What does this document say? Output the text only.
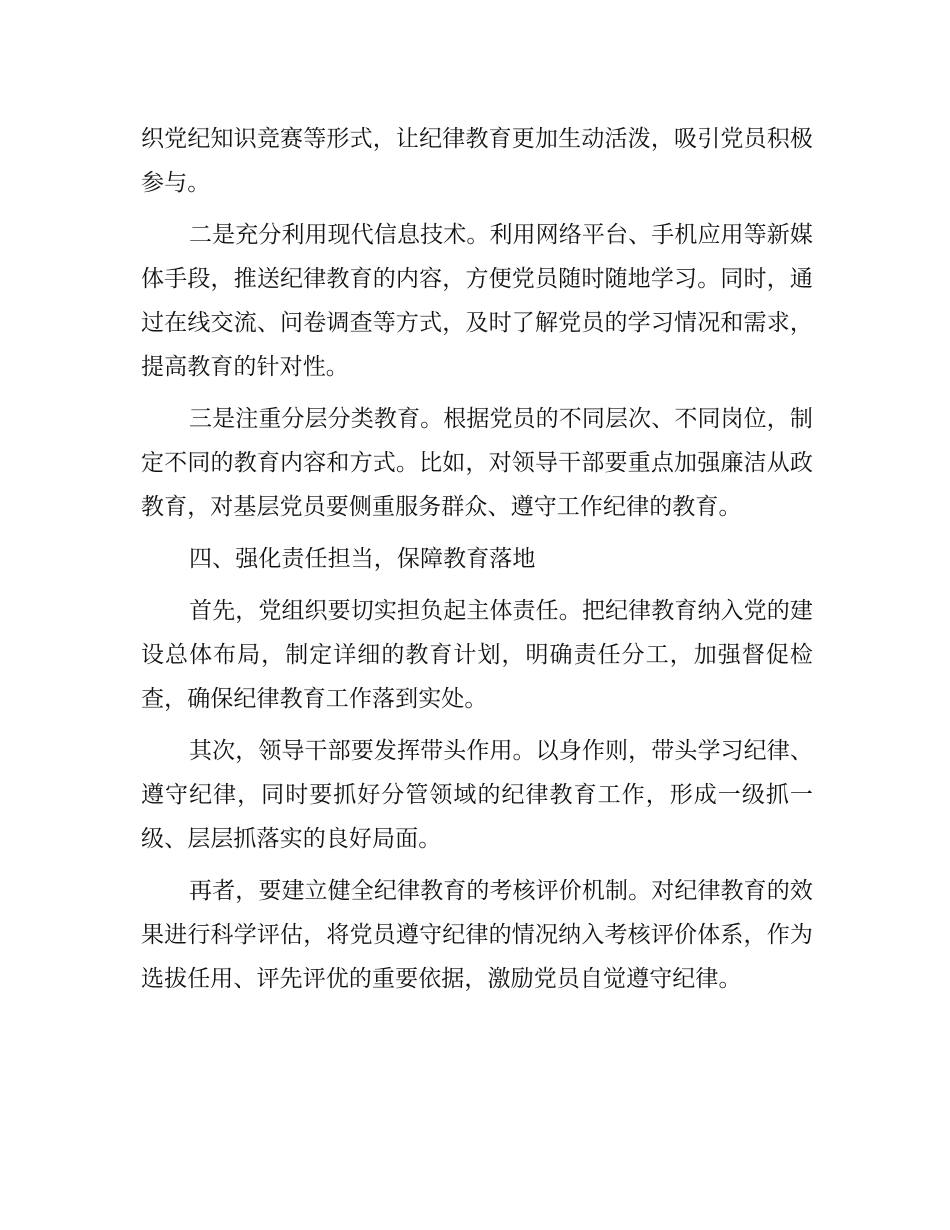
织党纪知识竞赛等形式，让纪律教育更加生动活泼，吸引党员积极参与。

二是充分利用现代信息技术。利用网络平台、手机应用等新媒体手段，推送纪律教育的内容，方便党员随时随地学习。同时，通过在线交流、问卷调查等方式，及时了解党员的学习情况和需求，提高教育的针对性。

三是注重分层分类教育。根据党员的不同层次、不同岗位，制定不同的教育内容和方式。比如，对领导干部要重点加强廉洁从政教育，对基层党员要侧重服务群众、遵守工作纪律的教育。

四、强化责任担当，保障教育落地

首先，党组织要切实担负起主体责任。把纪律教育纳入党的建设总体布局，制定详细的教育计划，明确责任分工，加强督促检查，确保纪律教育工作落到实处。

其次，领导干部要发挥带头作用。以身作则，带头学习纪律、遵守纪律，同时要抓好分管领域的纪律教育工作，形成一级抓一级、层层抓落实的良好局面。

再者，要建立健全纪律教育的考核评价机制。对纪律教育的效果进行科学评估，将党员遵守纪律的情况纳入考核评价体系，作为选拔任用、评先评优的重要依据，激励党员自觉遵守纪律。
